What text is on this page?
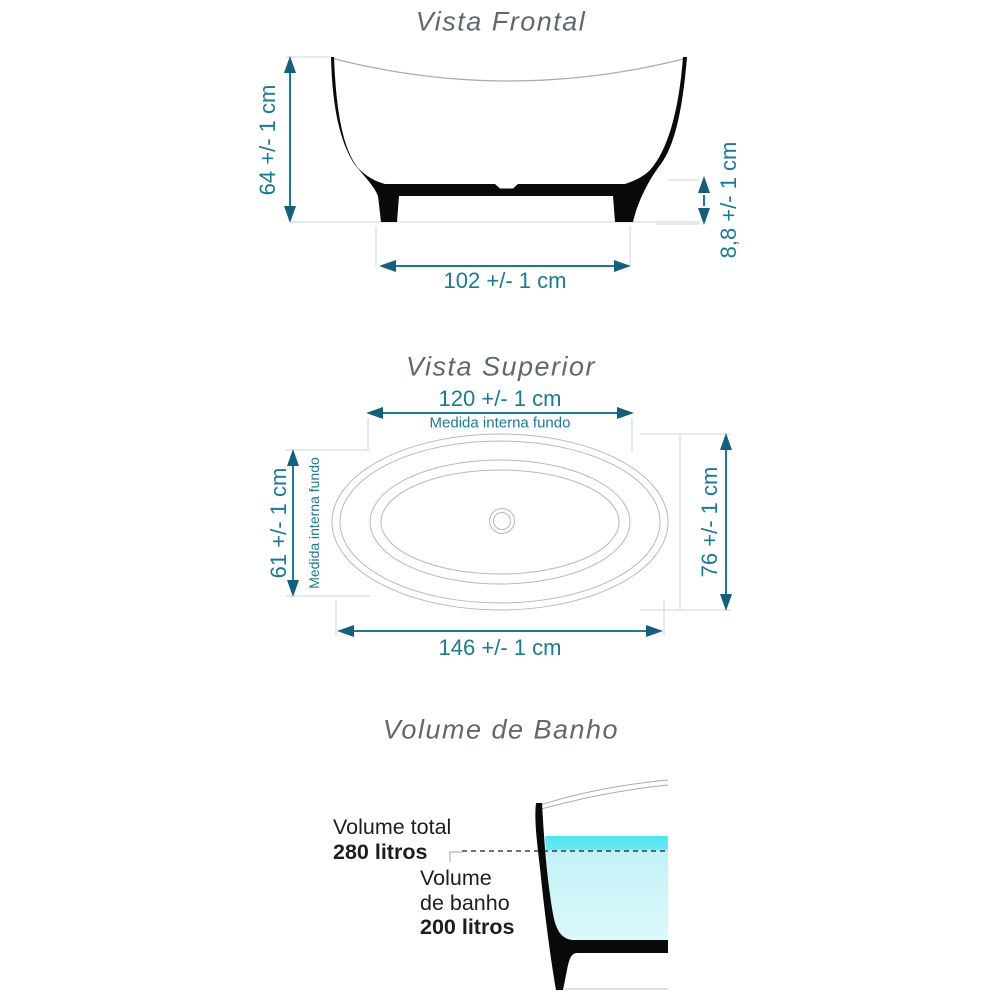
Vista Frontal
Vista Superior
Volume de Banho
64 +/- 1 cm
102 +/- 1 cm
8,8 +/- 1 cm
120 +/- 1 cm
Medida interna fundo
61 +/- 1 cm Medida interna fundo	76 +/- 1 cm
146 +/- 1 cm
Volume total
280 litros
Volume
de banho
200 litros
